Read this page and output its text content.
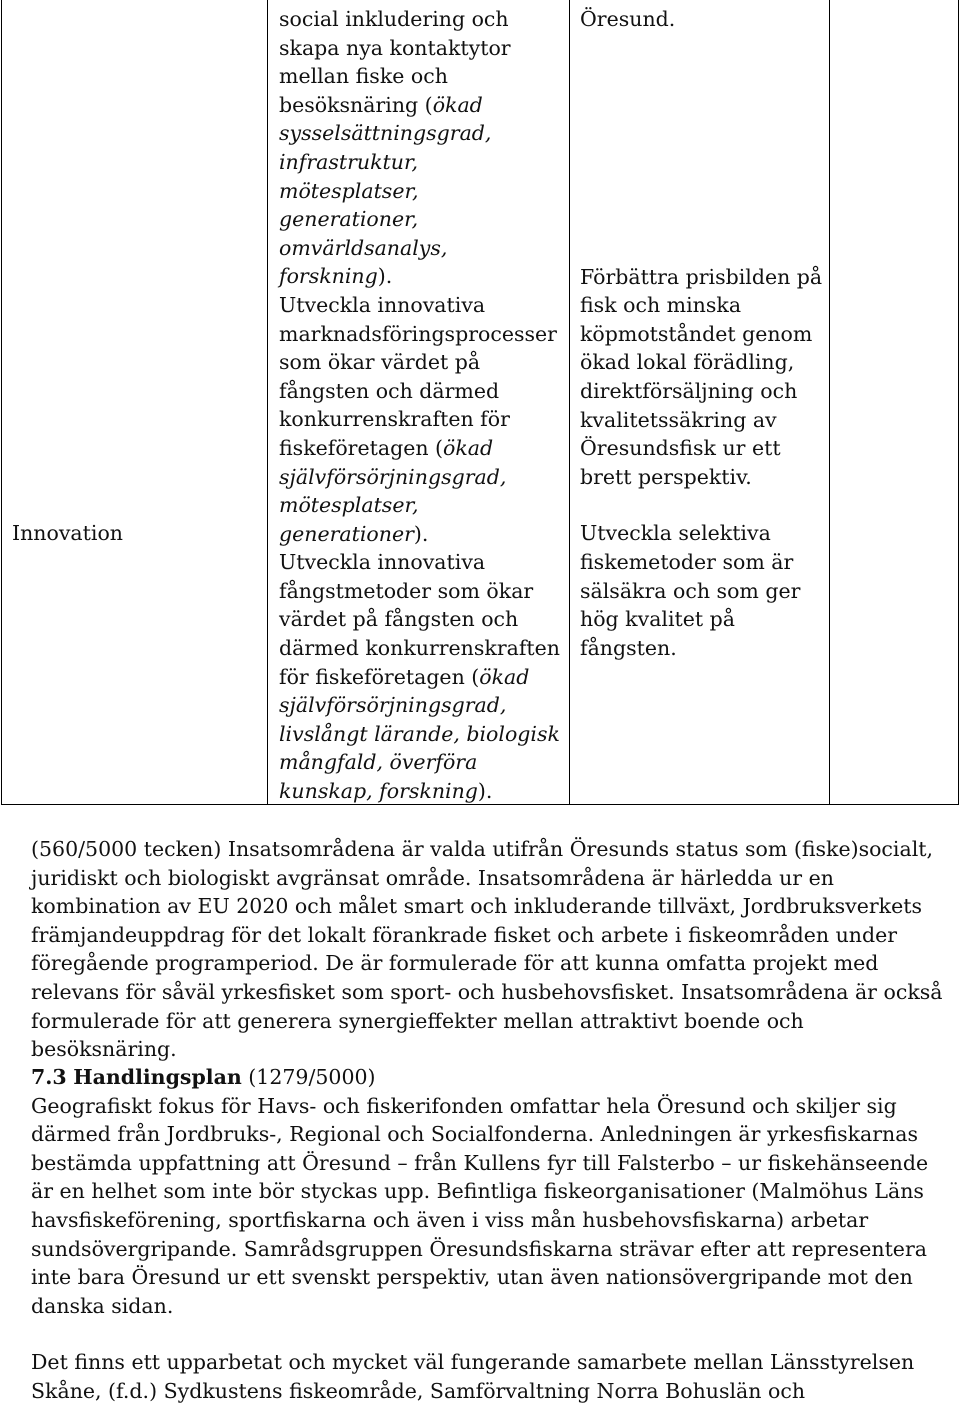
Innovation
social inkludering och skapa nya kontaktytor mellan fiske och besöksnäring (ökad sysselsättningsgrad, infrastruktur, mötesplatser, generationer, omvärldsanalys, forskning).
Utveckla innovativa marknadsföringsprocesser som ökar värdet på fångsten och därmed konkurrenskraften för fiskeföretagen (ökad självförsörjningsgrad, mötesplatser, generationer).
Utveckla innovativa fångstmetoder som ökar värdet på fångsten och därmed konkurrenskraften för fiskeföretagen (ökad självförsörjningsgrad, livslångt lärande, biologisk mångfald, överföra kunskap, forskning).
Öresund.
Förbättra prisbilden på fisk och minska köpmotståndet genom ökad lokal förädling, direktförsäljning och kvalitetssäkring av Öresundsfisk ur ett brett perspektiv.
Utveckla selektiva fiskemetoder som är sälsäkra och som ger hög kvalitet på fångsten.

(560/5000 tecken) Insatsområdena är valda utifrån Öresunds status som (fiske)socialt, juridiskt och biologiskt avgränsat område. Insatsområdena är härledda ur en kombination av EU 2020 och målet smart och inkluderande tillväxt, Jordbruksverkets främjandeuppdrag för det lokalt förankrade fisket och arbete i fiskeområden under föregående programperiod. De är formulerade för att kunna omfatta projekt med relevans för såväl yrkesfisket som sport- och husbehovsfisket. Insatsområdena är också formulerade för att generera synergieffekter mellan attraktivt boende och besöksnäring.

7.3 Handlingsplan (1279/5000)

Geografiskt fokus för Havs- och fiskerifonden omfattar hela Öresund och skiljer sig därmed från Jordbruks-, Regional och Socialfonderna. Anledningen är yrkesfiskarnas bestämda uppfattning att Öresund – från Kullens fyr till Falsterbo – ur fiskehänseende är en helhet som inte bör styckas upp. Befintliga fiskeorganisationer (Malmöhus Läns havsfiskeförening, sportfiskarna och även i viss mån husbehovsfiskarna) arbetar sundsövergripande. Samrådsgruppen Öresundsfiskarna strävar efter att representera inte bara Öresund ur ett svenskt perspektiv, utan även nationsövergripande mot den danska sidan.

Det finns ett upparbetat och mycket väl fungerande samarbete mellan Länsstyrelsen Skåne, (f.d.) Sydkustens fiskeområde, Samförvaltning Norra Bohuslän och
